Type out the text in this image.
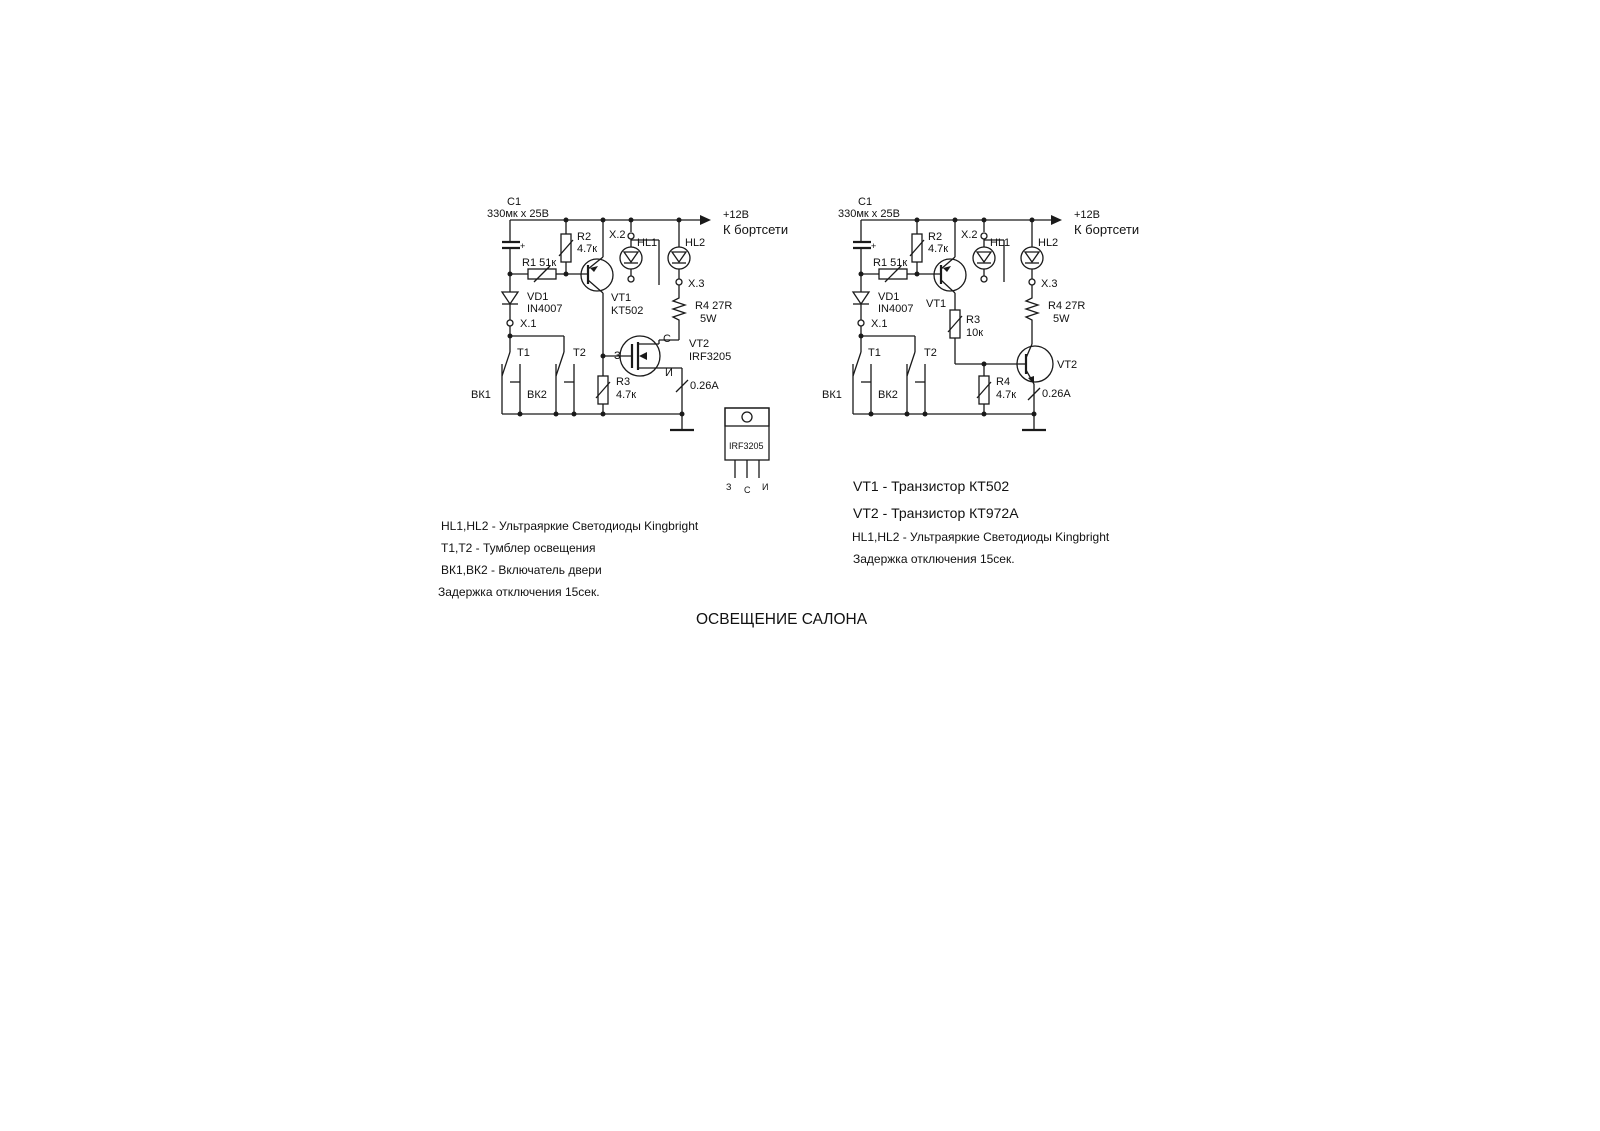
C1
330мк x 25В	+12В
К бортсети
+
R1 51к
R2
4.7к
X.2
HL1	HL2
X.3
VD1
IN4007
VT1
KT502	R4 27R
5W
X.1
С VT2
IRF3205
T1	T2	З
R3
4.7к
И
0.26А
ВК1	ВК2
IRF3205
З С И
C1
330мк x 25В	+12В
К бортсети
+
R1 51к
R2
4.7к
X.2
HL1	HL2
X.3
VD1
IN4007 VT1	R4 27R
5W
X.1	R3
10к
T1	T2
VT2
R4
4.7к 0.26А
ВК1	ВК2
HL1,HL2 - Ультраяркие Светодиоды Kingbright
T1,T2 - Тумблер освещения
ВК1,ВК2 - Включатель двери
Задержка отключения 15сек.
VT1 - Транзистор КТ502
VT2 - Транзистор КТ972А
HL1,HL2 - Ультраяркие Светодиоды Kingbright
Задержка отключения 15сек.
ОСВЕЩЕНИЕ САЛОНА
